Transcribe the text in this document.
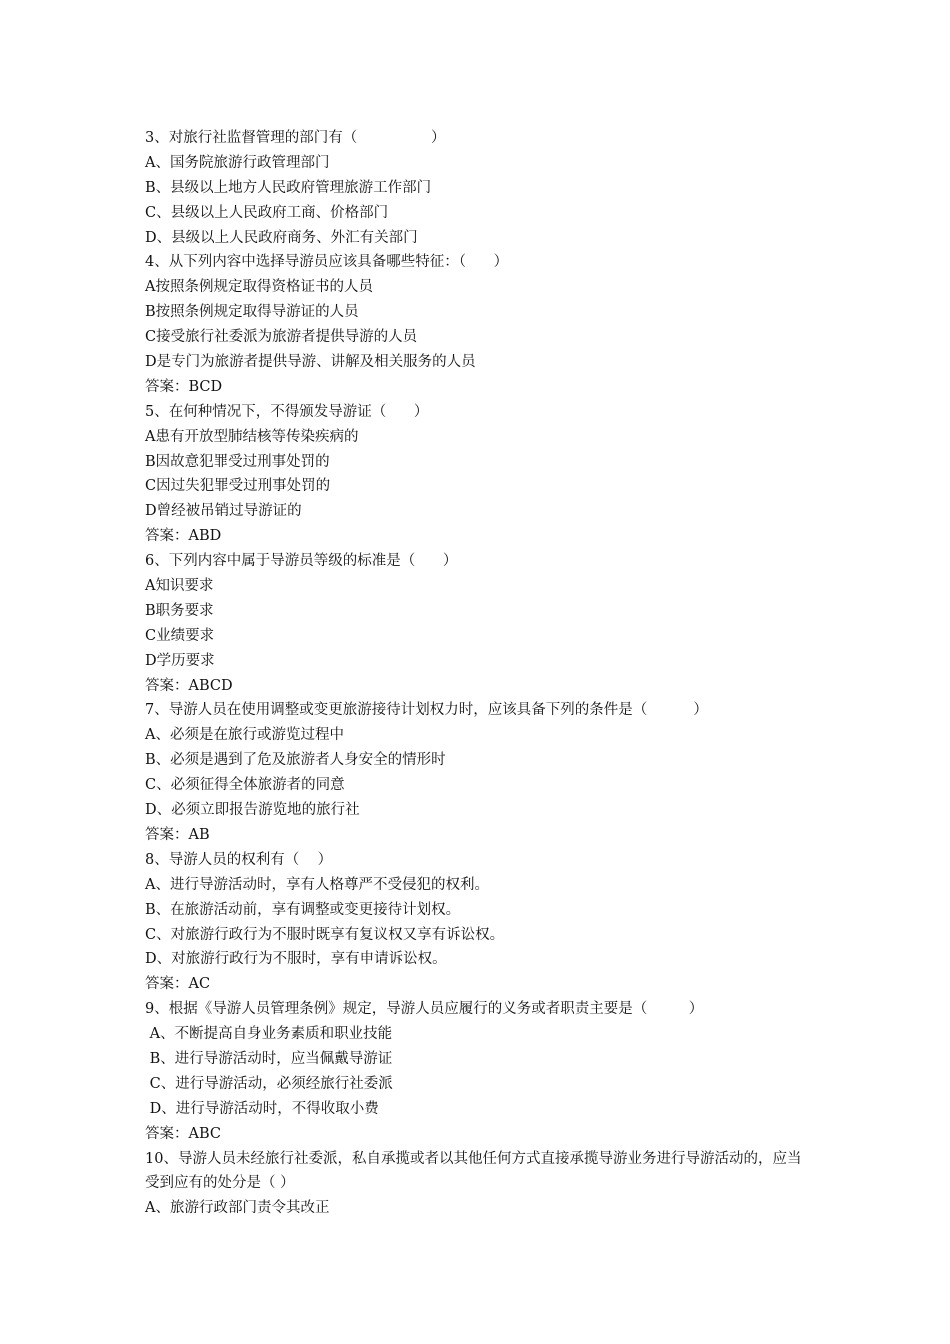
3、对旅行社监督管理的部门有（                ）
A、国务院旅游行政管理部门
B、县级以上地方人民政府管理旅游工作部门
C、县级以上人民政府工商、价格部门
D、县级以上人民政府商务、外汇有关部门
4、从下列内容中选择导游员应该具备哪些特征：（      ）
A按照条例规定取得资格证书的人员
B按照条例规定取得导游证的人员
C接受旅行社委派为旅游者提供导游的人员
D是专门为旅游者提供导游、讲解及相关服务的人员
答案：BCD
5、在何种情况下，不得颁发导游证（      ）
A患有开放型肺结核等传染疾病的
B因故意犯罪受过刑事处罚的
C因过失犯罪受过刑事处罚的
D曾经被吊销过导游证的
答案：ABD
6、下列内容中属于导游员等级的标准是（      ）
A知识要求
B职务要求
C业绩要求
D学历要求
答案：ABCD
7、导游人员在使用调整或变更旅游接待计划权力时，应该具备下列的条件是（          ）
A、必须是在旅行或游览过程中
B、必须是遇到了危及旅游者人身安全的情形时
C、必须征得全体旅游者的同意
D、必须立即报告游览地的旅行社
答案：AB
8、导游人员的权利有（    ）
A、进行导游活动时，享有人格尊严不受侵犯的权利。
B、在旅游活动前，享有调整或变更接待计划权。
C、对旅游行政行为不服时既享有复议权又享有诉讼权。
D、对旅游行政行为不服时，享有申请诉讼权。
答案：AC
9、根据《导游人员管理条例》规定，导游人员应履行的义务或者职责主要是（         ）
A、不断提高自身业务素质和职业技能
B、进行导游活动时，应当佩戴导游证
C、进行导游活动，必须经旅行社委派
D、进行导游活动时，不得收取小费
答案：ABC
10、导游人员未经旅行社委派，私自承揽或者以其他任何方式直接承揽导游业务进行导游活动的，应当受到应有的处分是（ ）
A、旅游行政部门责令其改正
